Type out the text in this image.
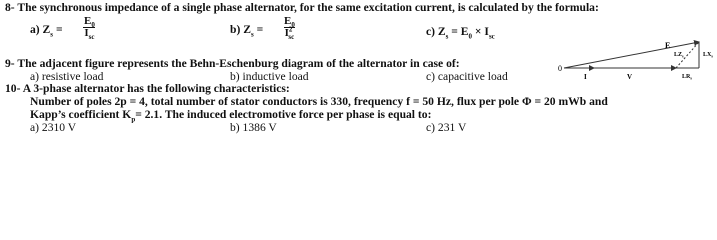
8- The synchronous impedance of a single phase alternator, for the same excitation current, is calculated by the formula:
a) $Z_s$ =
$E_0$
$I_{sc}$
b) $Z_s = \frac{E_0}{I^2_{sc}}$	c) $Z_s = E_0 \times I_{sc}$
9- The adjacent figure represents the Behn-Eschenburg diagram of the alternator in case of:
a) resistive load	b) inductive load	c) capacitive load
0
E
I	V
$LZ_s$	$LX_s$
$LR_s$
10- A 3-phase alternator has the following characteristics:
Number of poles 2p = 4, total number of stator conductors is 330, frequency f = 50 Hz, flux per pole Φ = 20 mWb and
Kapp’s coefficient $K_p= 2.1$. The induced electromotive force per phase is equal to:
a) 2310 V	b) 1386 V	c) 231 V
